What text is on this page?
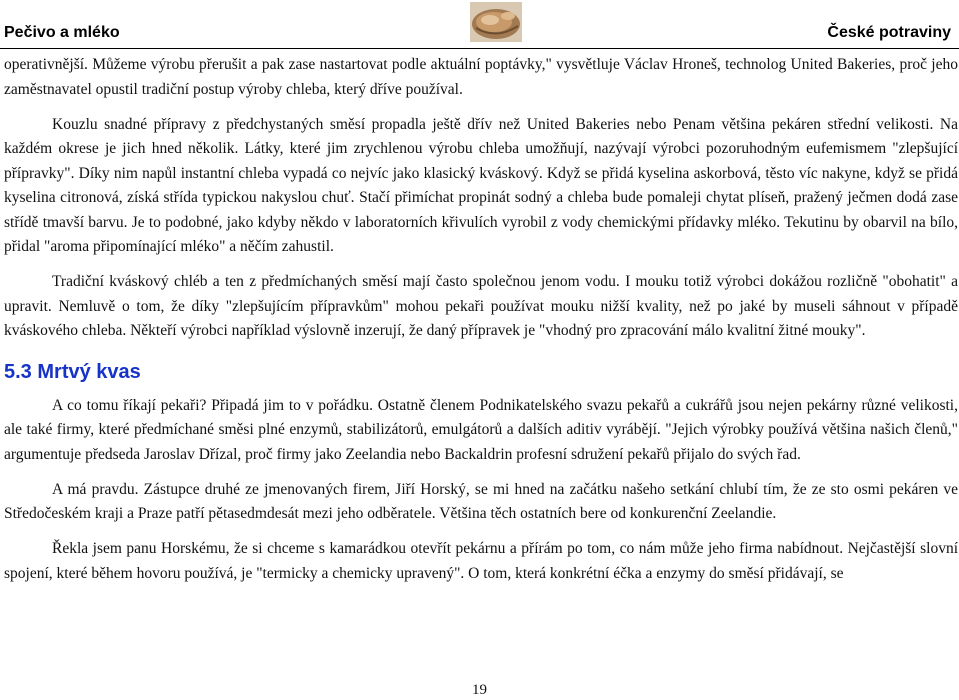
Pečivo a mléko	České potraviny

operativnější. Můžeme výrobu přerušit a pak zase nastartovat podle aktuální poptávky," vysvětluje Václav Hroneš, technolog United Bakeries, proč jeho zaměstnavatel opustil tradiční postup výroby chleba, který dříve používal.

Kouzlu snadné přípravy z předchystaných směsí propadla ještě dřív než United Bakeries nebo Penam většina pekáren střední velikosti. Na každém okrese je jich hned několik. Látky, které jim zrychlenou výrobu chleba umožňují, nazývají výrobci pozoruhodným eufemismem "zlepšující přípravky". Díky nim napůl instantní chleba vypadá co nejvíc jako klasický kváskový. Když se přidá kyselina askorbová, těsto víc nakyne, když se přidá kyselina citronová, získá střída typickou nakyslou chuť. Stačí přimíchat propinát sodný a chleba bude pomaleji chytat plíseň, pražený ječmen dodá zase střídě tmavší barvu. Je to podobné, jako kdyby někdo v laboratorních křivulích vyrobil z vody chemickými přídavky mléko. Tekutinu by obarvil na bílo, přidal "aroma připomínající mléko" a něčím zahustil.

Tradiční kváskový chléb a ten z předmíchaných směsí mají často společnou jenom vodu. I mouku totiž výrobci dokážou rozličně "obohatit" a upravit. Nemluvě o tom, že díky "zlepšujícím přípravkům" mohou pekaři používat mouku nižší kvality, než po jaké by museli sáhnout v případě kváskového chleba. Někteří výrobci například výslovně inzerují, že daný přípravek je "vhodný pro zpracování málo kvalitní žitné mouky".

5.3 Mrtvý kvas

A co tomu říkají pekaři? Připadá jim to v pořádku. Ostatně členem Podnikatelského svazu pekařů a cukrářů jsou nejen pekárny různé velikosti, ale také firmy, které předmíchané směsi plné enzymů, stabilizátorů, emulgátorů a dalších aditiv vyrábějí. "Jejich výrobky používá většina našich členů," argumentuje předseda Jaroslav Dřízal, proč firmy jako Zeelandia nebo Backaldrin profesní sdružení pekařů přijalo do svých řad.

A má pravdu. Zástupce druhé ze jmenovaných firem, Jiří Horský, se mi hned na začátku našeho setkání chlubí tím, že ze sto osmi pekáren ve Středočeském kraji a Praze patří pětasedmdesát mezi jeho odběratele. Většina těch ostatních bere od konkurenční Zeelandie.

Řekla jsem panu Horskému, že si chceme s kamarádkou otevřít pekárnu a přírám po tom, co nám může jeho firma nabídnout. Nejčastější slovní spojení, které během hovoru používá, je "termicky a chemicky upravený". O tom, která konkrétní éčka a enzymy do směsí přidávají, se

19
